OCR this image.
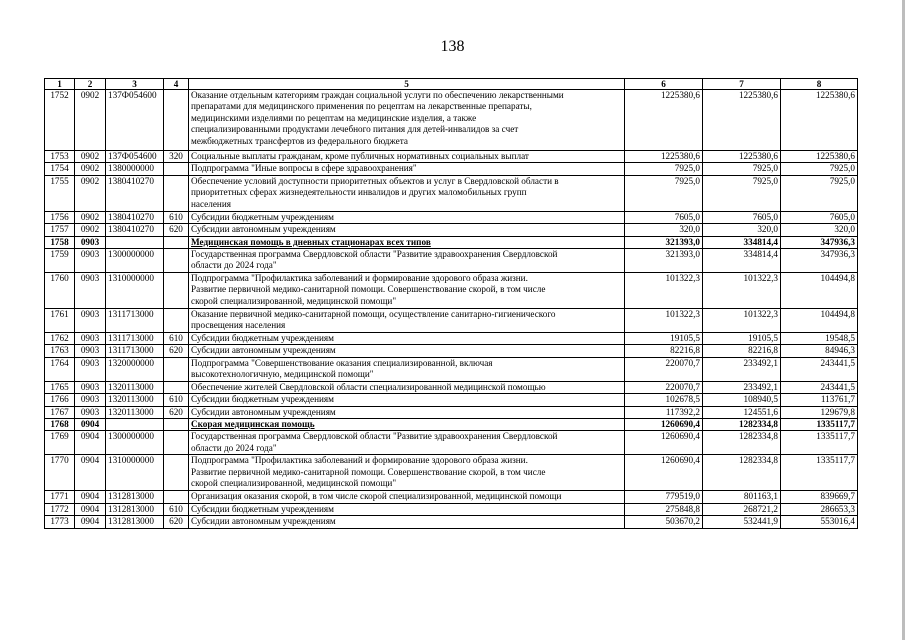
138
1	2	3	4	5	6	7	8
1752	0902	137Ф054600		Оказание отдельным категориям граждан социальной услуги по обеспечению лекарственными
препаратами для медицинского применения по рецептам на лекарственные препараты,
медицинскими изделиями по рецептам на медицинские изделия, а также
специализированными продуктами лечебного питания для детей-инвалидов за счет
межбюджетных трансфертов из федерального бюджета	1225380,6	1225380,6	1225380,6
1753	0902	137Ф054600	320	Социальные выплаты гражданам, кроме публичных нормативных социальных выплат	1225380,6	1225380,6	1225380,6
1754	0902	1380000000		Подпрограмма "Иные вопросы в сфере здравоохранения"	7925,0	7925,0	7925,0
1755	0902	1380410270		Обеспечение условий доступности приоритетных объектов и услуг в Свердловской области в
приоритетных сферах жизнедеятельности инвалидов и других маломобильных групп
населения	7925,0	7925,0	7925,0
1756	0902	1380410270	610	Субсидии бюджетным учреждениям	7605,0	7605,0	7605,0
1757	0902	1380410270	620	Субсидии автономным учреждениям	320,0	320,0	320,0
1758	0903			Медицинская помощь в дневных стационарах всех типов	321393,0	334814,4	347936,3
1759	0903	1300000000		Государственная программа Свердловской области "Развитие здравоохранения Свердловской
области до 2024 года"	321393,0	334814,4	347936,3
1760	0903	1310000000		Подпрограмма "Профилактика заболеваний и формирование здорового образа жизни.
Развитие первичной медико-санитарной помощи. Совершенствование скорой, в том числе
скорой специализированной, медицинской помощи"	101322,3	101322,3	104494,8
1761	0903	1311713000		Оказание первичной медико-санитарной помощи, осуществление санитарно-гигиенического
просвещения населения	101322,3	101322,3	104494,8
1762	0903	1311713000	610	Субсидии бюджетным учреждениям	19105,5	19105,5	19548,5
1763	0903	1311713000	620	Субсидии автономным учреждениям	82216,8	82216,8	84946,3
1764	0903	1320000000		Подпрограмма "Совершенствование оказания специализированной, включая
высокотехнологичную, медицинской помощи"	220070,7	233492,1	243441,5
1765	0903	1320113000		Обеспечение жителей Свердловской области специализированной медицинской помощью	220070,7	233492,1	243441,5
1766	0903	1320113000	610	Субсидии бюджетным учреждениям	102678,5	108940,5	113761,7
1767	0903	1320113000	620	Субсидии автономным учреждениям	117392,2	124551,6	129679,8
1768	0904			Скорая медицинская помощь	1260690,4	1282334,8	1335117,7
1769	0904	1300000000		Государственная программа Свердловской области "Развитие здравоохранения Свердловской
области до 2024 года"	1260690,4	1282334,8	1335117,7
1770	0904	1310000000		Подпрограмма "Профилактика заболеваний и формирование здорового образа жизни.
Развитие первичной медико-санитарной помощи. Совершенствование скорой, в том числе
скорой специализированной, медицинской помощи"	1260690,4	1282334,8	1335117,7
1771	0904	1312813000		Организация оказания скорой, в том числе скорой специализированной, медицинской помощи	779519,0	801163,1	839669,7
1772	0904	1312813000	610	Субсидии бюджетным учреждениям	275848,8	268721,2	286653,3
1773	0904	1312813000	620	Субсидии автономным учреждениям	503670,2	532441,9	553016,4
